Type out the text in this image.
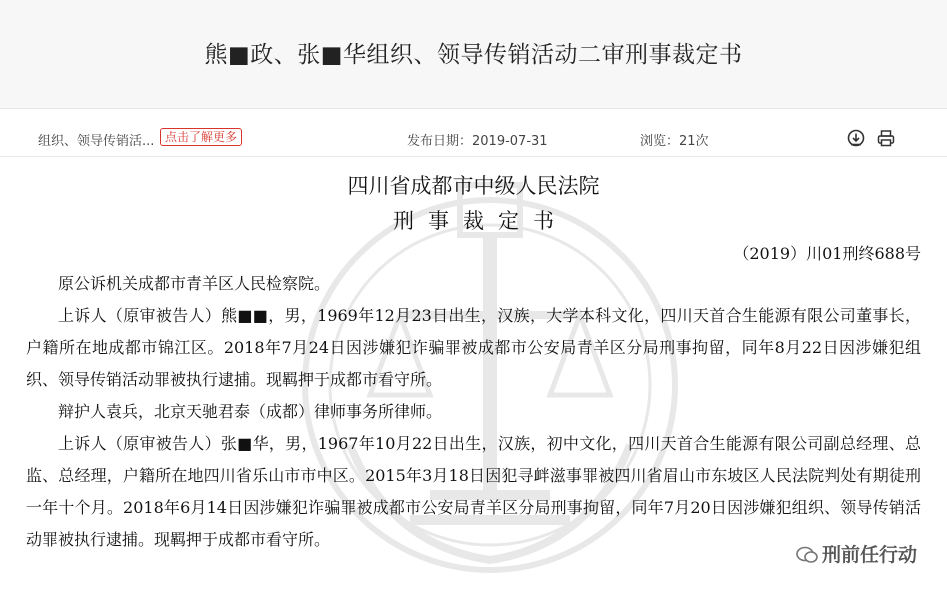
熊■政、张■华组织、领导传销活动二审刑事裁定书
组织、领导传销活... 点击了解更多	发布日期：2019-07-31	浏览：21次
四川省成都市中级人民法院
刑事裁定书
（2019）川01刑终688号

原公诉机关成都市青羊区人民检察院。

上诉人（原审被告人）熊■■，男，1969年12月23日出生，汉族，大学本科文化，四川天首合生能源有限公司董事长，户籍所在地成都市锦江区。2018年7月24日因涉嫌犯诈骗罪被成都市公安局青羊区分局刑事拘留，同年8月22日因涉嫌犯组织、领导传销活动罪被执行逮捕。现羁押于成都市看守所。

辩护人袁兵，北京天驰君泰（成都）律师事务所律师。

上诉人（原审被告人）张■华，男，1967年10月22日出生，汉族，初中文化，四川天首合生能源有限公司副总经理、总监、总经理，户籍所在地四川省乐山市市中区。2015年3月18日因犯寻衅滋事罪被四川省眉山市东坡区人民法院判处有期徒刑一年十个月。2018年6月14日因涉嫌犯诈骗罪被成都市公安局青羊区分局刑事拘留，同年7月20日因涉嫌犯组织、领导传销活动罪被执行逮捕。现羁押于成都市看守所。

刑前任行动
